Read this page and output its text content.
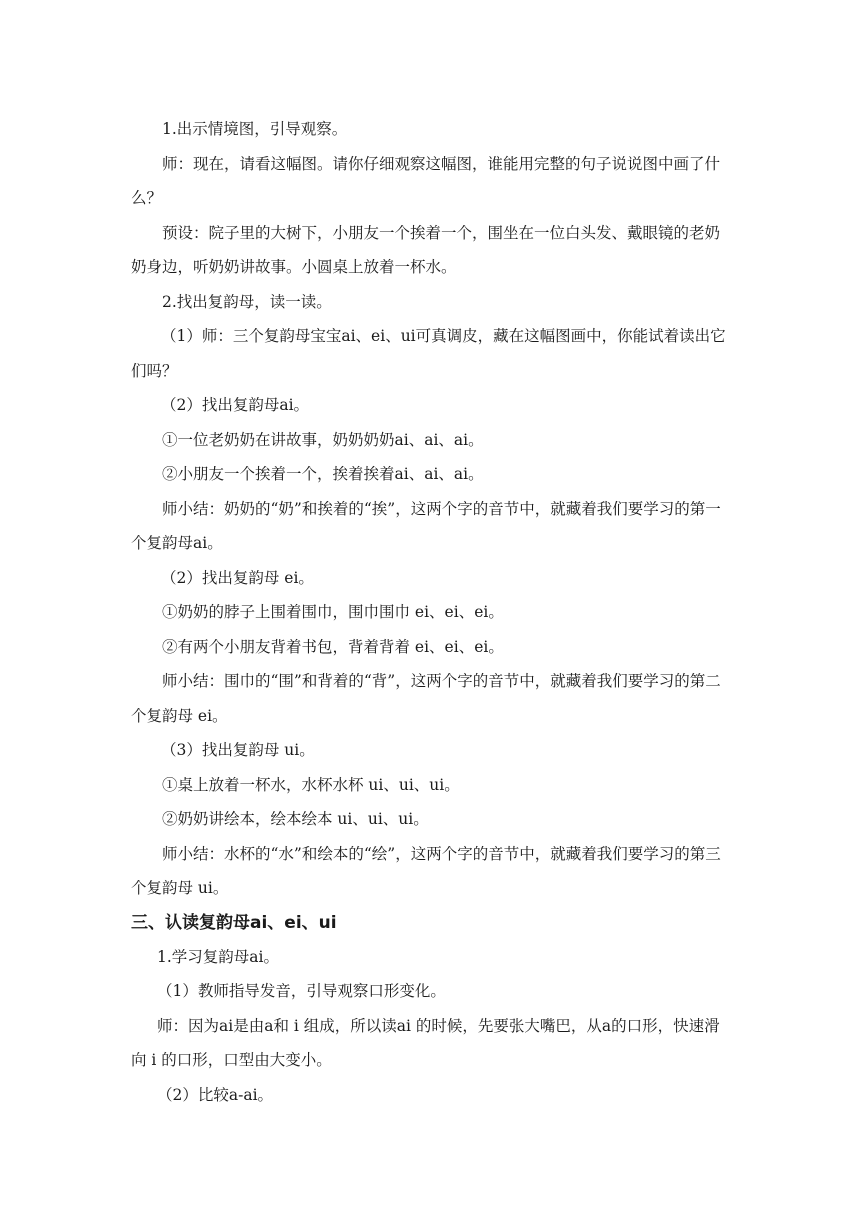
1.出示情境图，引导观察。

师：现在，请看这幅图。请你仔细观察这幅图，谁能用完整的句子说说图中画了什么？

预设：院子里的大树下，小朋友一个挨着一个，围坐在一位白头发、戴眼镜的老奶奶身边，听奶奶讲故事。小圆桌上放着一杯水。

2.找出复韵母，读一读。

（1）师：三个复韵母宝宝ai、ei、ui可真调皮，藏在这幅图画中，你能试着读出它们吗？

（2）找出复韵母ai。

①一位老奶奶在讲故事，奶奶奶奶ai、ai、ai。

②小朋友一个挨着一个，挨着挨着ai、ai、ai。

师小结：奶奶的“奶”和挨着的“挨”，这两个字的音节中，就藏着我们要学习的第一个复韵母ai。

（2）找出复韵母 ei。

①奶奶的脖子上围着围巾，围巾围巾 ei、ei、ei。

②有两个小朋友背着书包，背着背着 ei、ei、ei。

师小结：围巾的“围”和背着的“背”，这两个字的音节中，就藏着我们要学习的第二个复韵母 ei。

（3）找出复韵母 ui。

①桌上放着一杯水，水杯水杯 ui、ui、ui。

②奶奶讲绘本，绘本绘本 ui、ui、ui。

师小结：水杯的“水”和绘本的“绘”，这两个字的音节中，就藏着我们要学习的第三个复韵母 ui。

三、认读复韵母ai、ei、ui

1.学习复韵母ai。

（1）教师指导发音，引导观察口形变化。

师：因为ai是由a和 i 组成，所以读ai 的时候，先要张大嘴巴，从a的口形，快速滑向 i 的口形，口型由大变小。

（2）比较a-ai。
